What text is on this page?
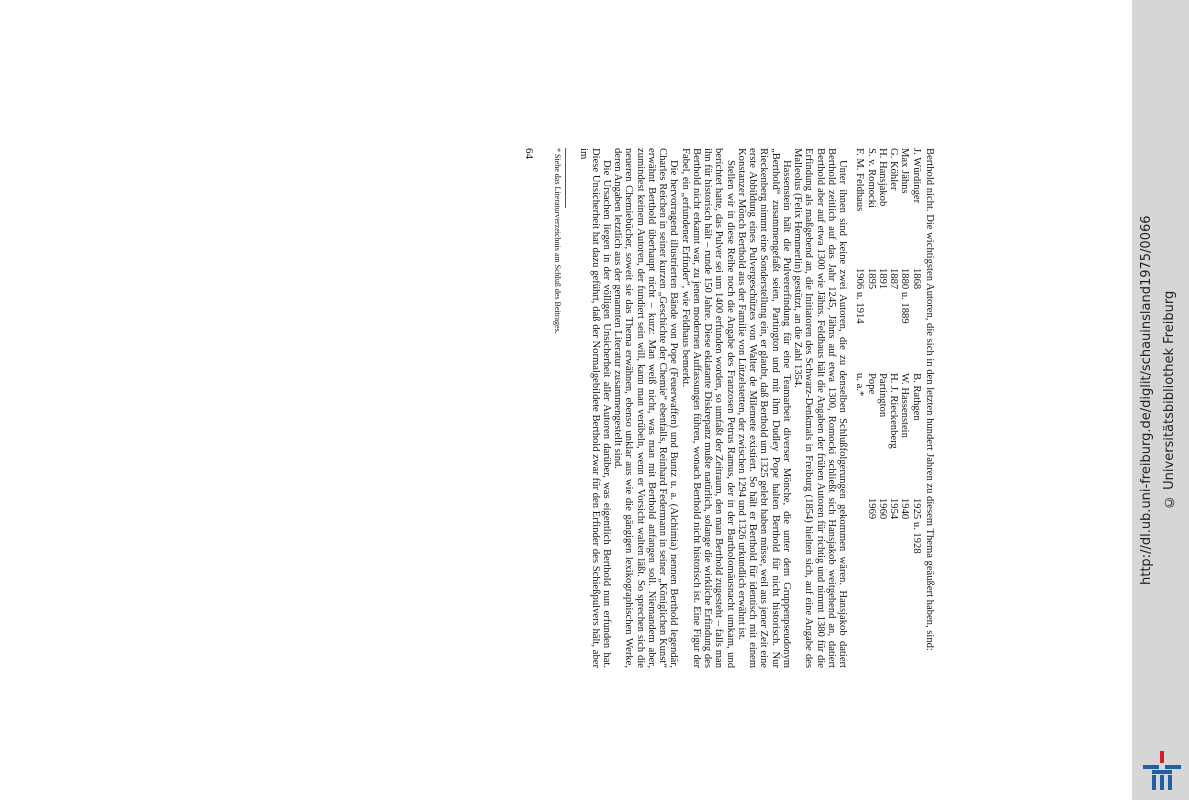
Berthold nicht. Die wichtigsten Autoren, die sich in den letzten hundert Jahren zu diesem Thema geäußert haben, sind:

J. Würdinger	1868	B. Rathgen	1925 u. 1928
Max Jähns	1880 u. 1889	W. Hassenstein	1940
G. Köhler	1887	H. J. Rieckenberg	1954
H. Hansjakob	1891	Partington	1960
S. v. Romocki	1895	Pope	1969
F. M. Feldhaus	1906 u. 1914	u. a.*	

Unter ihnen sind keine zwei Autoren, die zu denselben Schlußfolgerungen gekommen wären. Hansjakob datiert Berthold zeitlich auf das Jahr 1245, Jähns auf etwa 1300, Romocki schließt sich Hansjakob weitgehend an, datiert Berthold aber auf etwa 1300 wie Jähns. Feldhaus hält die Angaben der frühen Autoren für richtig und nimmt 1380 für die Erfindung als maßgebend an, die Initiatoren des Schwarz-Denkmals in Freiburg (1854) hielten sich, auf eine Angabe des Malleolus (Felix Hemmerlin) gestützt, an die Zahl 1354.

Hassenstein hält die Pulvererfindung für eine Teamarbeit diverser Mönche, die unter dem Gruppenpseudonym „Berthold“ zusammengefaßt seien, Partington und mit ihm Dudley Pope halten Berthold für nicht historisch. Nur Rieckenberg nimmt eine Sonderstellung ein, er glaubt, daß Berthold um 1325 gelebt haben müsse, weil aus jener Zeit eine erste Abbildung eines Pulvergeschützes von Walter de Milemete existiert. So hält er Berthold für identisch mit einem Konstanzer Mönch Berthold aus der Familie von Lützelstetten, der zwischen 1294 und 1326 urkundlich erwähnt ist.

Stellen wir in diese Reihe noch die Angabe des Franzosen Petrus Ramus, der in der Bartholomäusnacht umkam, und berichtet hatte, das Pulver sei um 1400 erfunden worden, so umfaßt der Zeitraum, den man Berthold zugesteht – falls man ihn für historisch hält – runde 150 Jahre. Diese eklatante Diskrepanz mußte natürlich, solange die wirkliche Erfindung des Berthold nicht erkannt war, zu jenen modernen Auffassungen führen, wonach Berthold nicht historisch ist. Eine Figur der Fabel, ein „erfundener Erfinder“, wie Feldhaus bemerkt.

Die hervorragend illustrierten Bände von Pope (Feuerwaffen) und Buntz u. a. (Alchimia) nennen Berthold legendär, Charles Reichen in seiner kurzen „Geschichte der Chemie“ ebenfalls, Reinhard Federmann in seiner „Königlichen Kunst“ erwähnt Berthold überhaupt nicht – kurz: Man weiß nicht, was man mit Berthold anfangen soll. Niemandem aber, zumindest keinem Autoren, der fundiert sein will, kann man verübeln, wenn er Vorsicht walten läßt. So sprechen sich die neueren Chemiebücher, soweit sie das Thema erwähnen, ebenso unklar aus wie die gängigen lexikographischen Werke, deren Angaben letztlich aus der genannten Literatur zusammengestellt sind.

Die Ursachen liegen in der völligen Unsicherheit aller Autoren darüber, was eigentlich Berthold nun erfunden hat. Diese Unsicherheit hat dazu geführt, daß der Normalgebildete Berthold zwar für den Erfinder des Schießpulvers hält, aber im

* Siehe das Literaturverzeichnis am Schluß des Beitrages.
64
http://dl.ub.uni-freiburg.de/diglit/schauinsland1975/0066 © Universitätsbibliothek Freiburg
